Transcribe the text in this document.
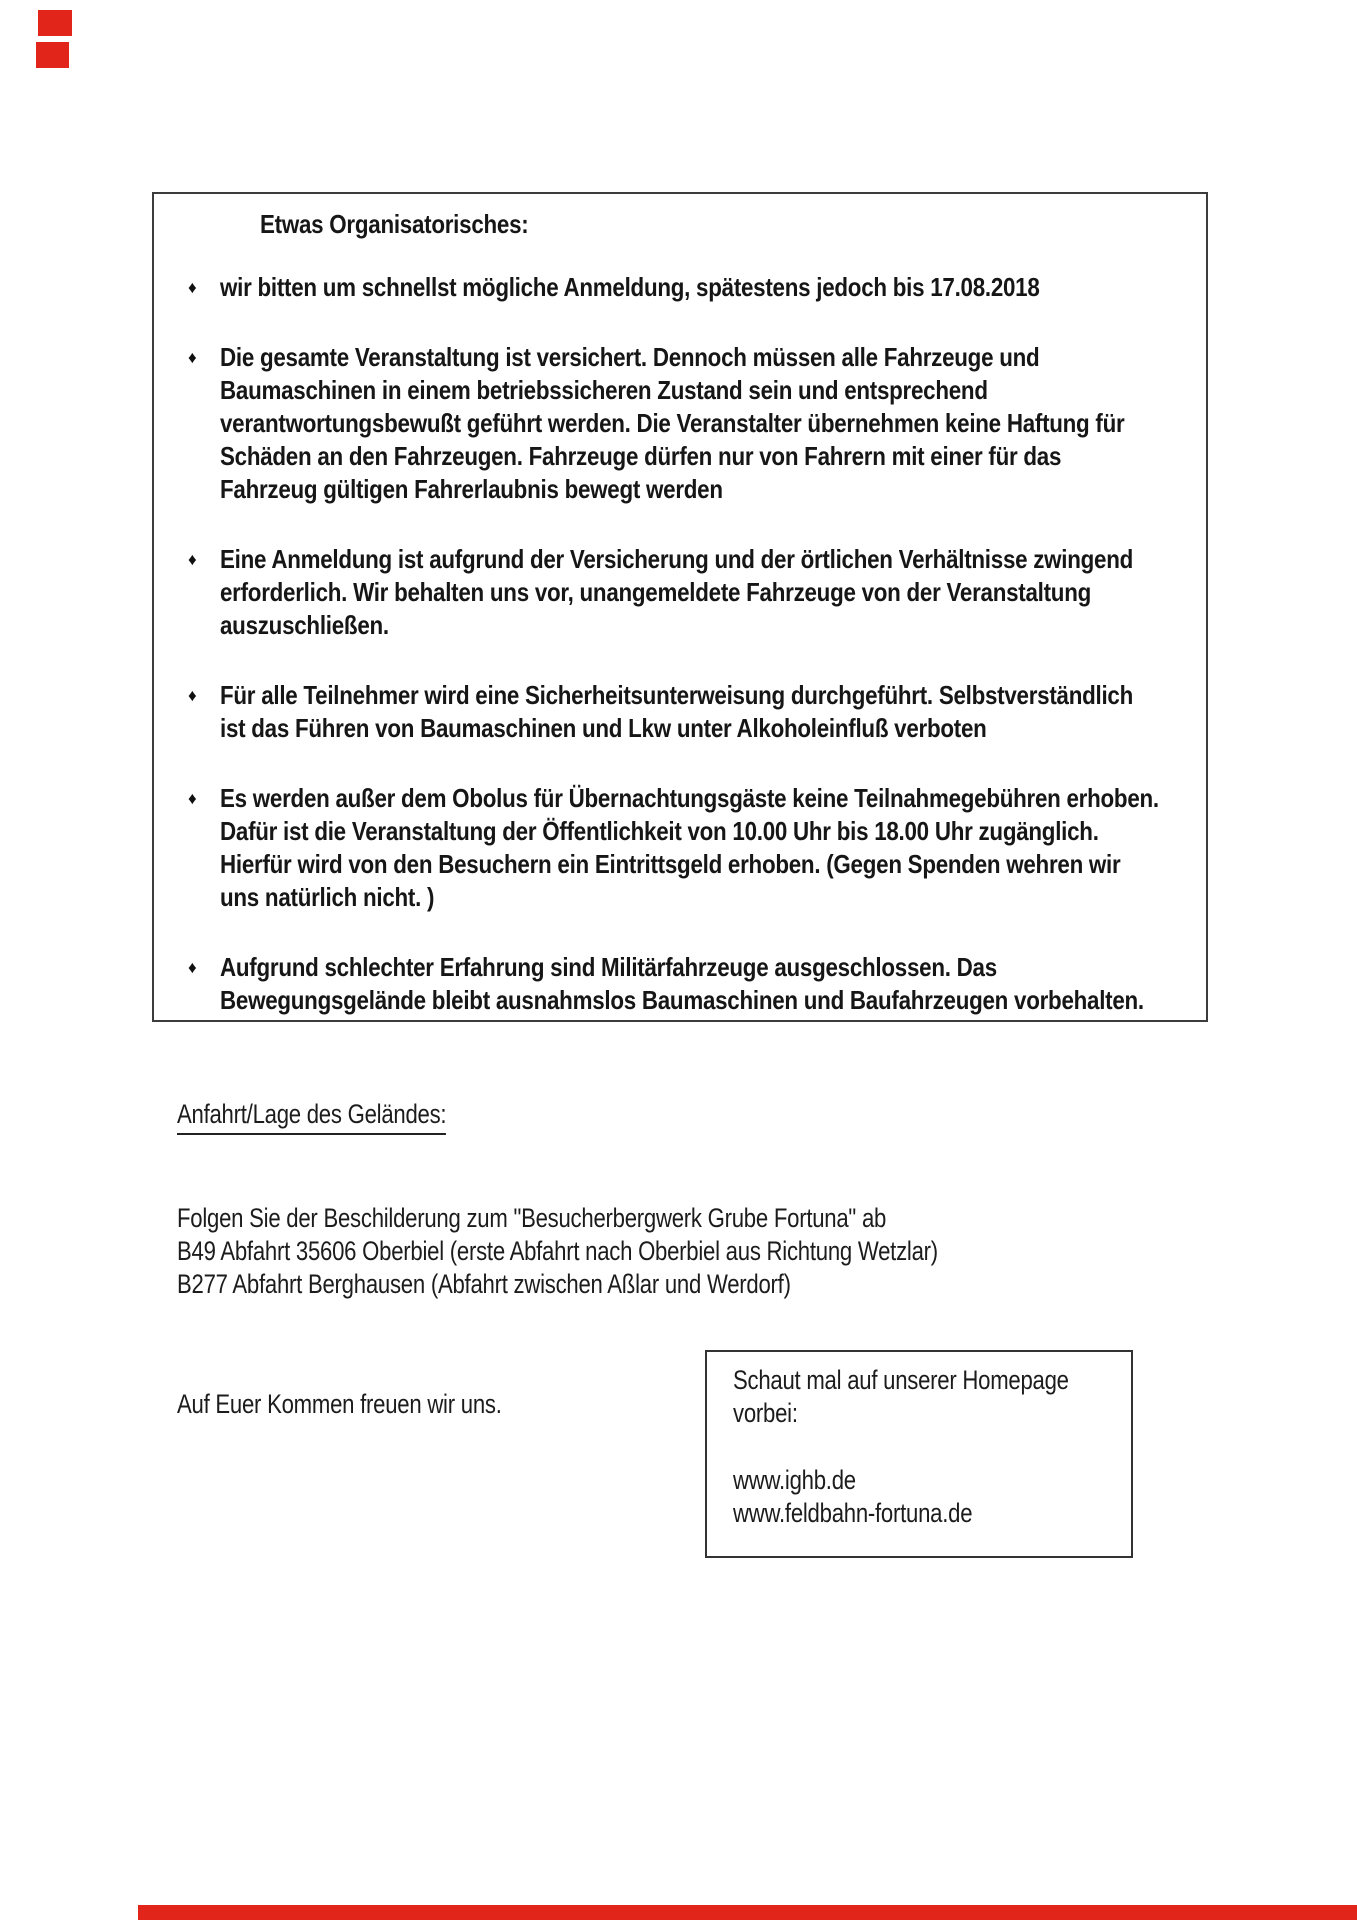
Etwas Organisatorisches:
♦ wir bitten um schnellst mögliche Anmeldung, spätestens jedoch bis 17.08.2018
♦ Die gesamte Veranstaltung ist versichert. Dennoch müssen alle Fahrzeuge und
Baumaschinen in einem betriebssicheren Zustand sein und entsprechend
verantwortungsbewußt geführt werden. Die Veranstalter übernehmen keine Haftung für
Schäden an den Fahrzeugen. Fahrzeuge dürfen nur von Fahrern mit einer für das
Fahrzeug gültigen Fahrerlaubnis bewegt werden
♦ Eine Anmeldung ist aufgrund der Versicherung und der örtlichen Verhältnisse zwingend
erforderlich. Wir behalten uns vor, unangemeldete Fahrzeuge von der Veranstaltung
auszuschließen.
♦ Für alle Teilnehmer wird eine Sicherheitsunterweisung durchgeführt. Selbstverständlich
ist das Führen von Baumaschinen und Lkw unter Alkoholeinfluß verboten
♦ Es werden außer dem Obolus für Übernachtungsgäste keine Teilnahmegebühren erhoben.
Dafür ist die Veranstaltung der Öffentlichkeit von 10.00 Uhr bis 18.00 Uhr zugänglich.
Hierfür wird von den Besuchern ein Eintrittsgeld erhoben. (Gegen Spenden wehren wir
uns natürlich nicht. )
♦ Aufgrund schlechter Erfahrung sind Militärfahrzeuge ausgeschlossen. Das
Bewegungsgelände bleibt ausnahmslos Baumaschinen und Baufahrzeugen vorbehalten.
Anfahrt/Lage des Geländes:
Folgen Sie der Beschilderung zum "Besucherbergwerk Grube Fortuna" ab
B49 Abfahrt 35606 Oberbiel (erste Abfahrt nach Oberbiel aus Richtung Wetzlar)
B277 Abfahrt Berghausen (Abfahrt zwischen Aßlar und Werdorf)
Auf Euer Kommen freuen wir uns.
Schaut mal auf unserer Homepage
vorbei:
www.ighb.de
www.feldbahn-fortuna.de
